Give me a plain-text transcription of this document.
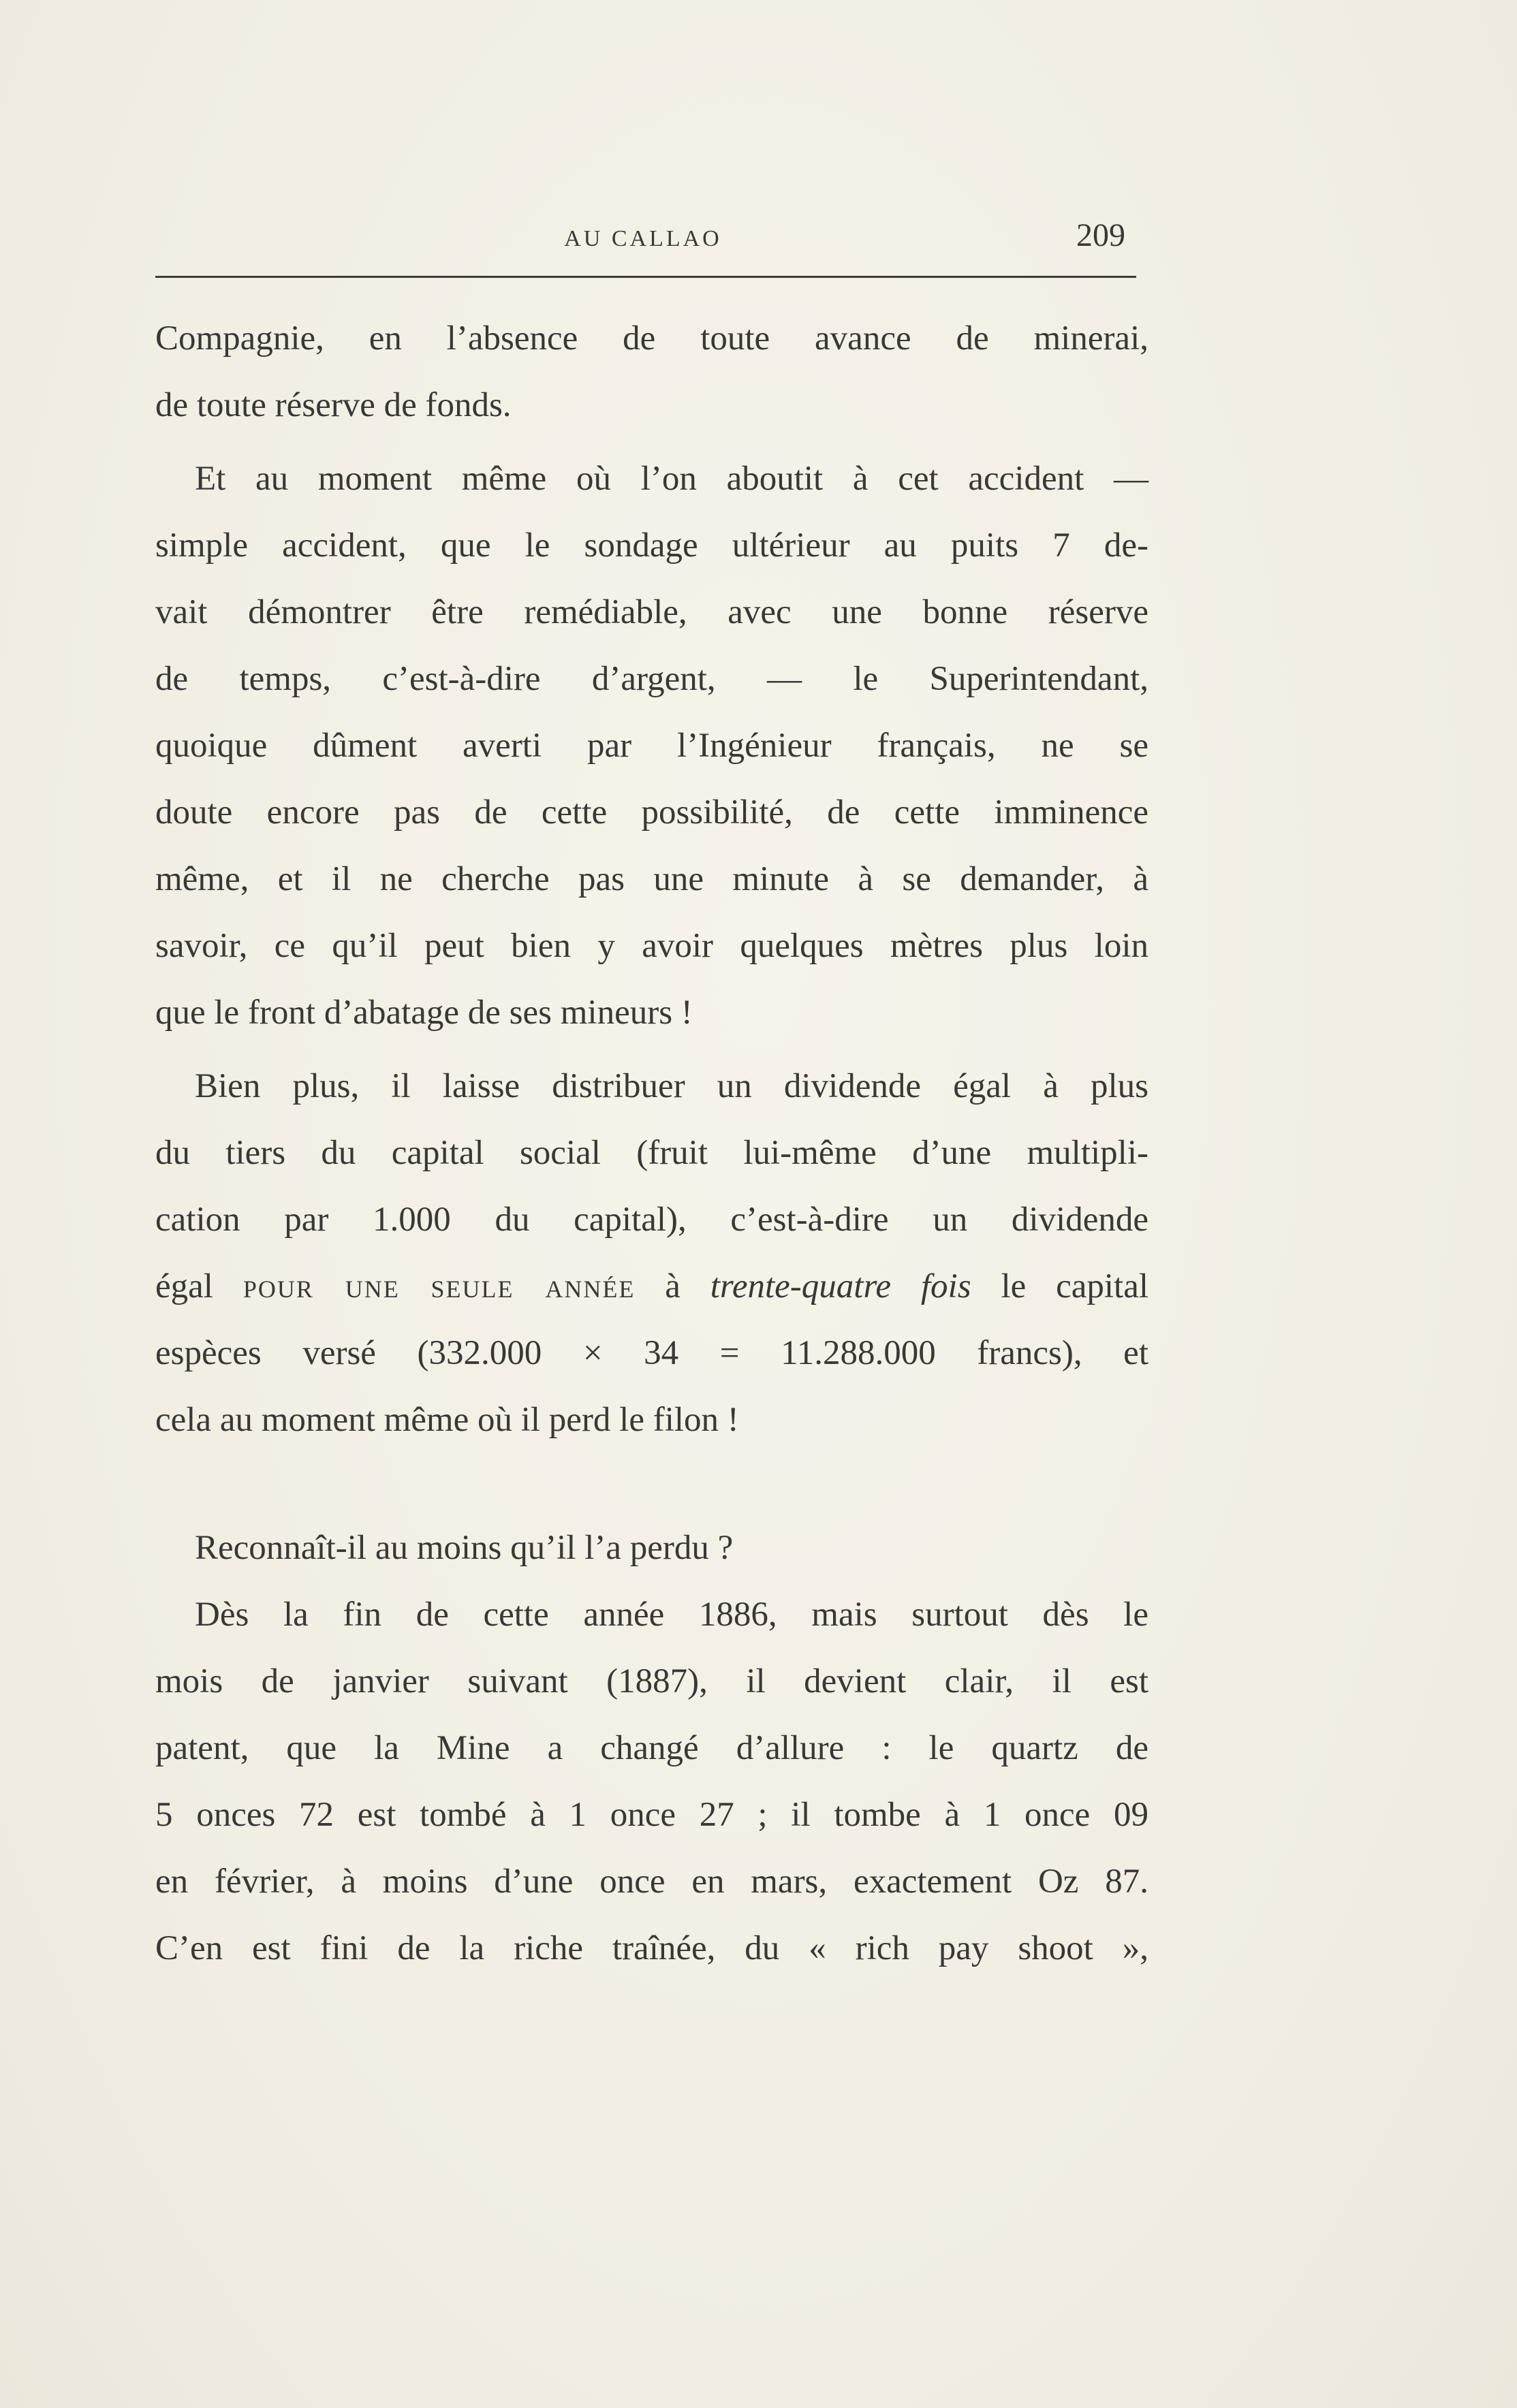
AU CALLAO	209
Compagnie, en l’absence de toute avance de minerai,
de toute réserve de fonds.
Et au moment même où l’on aboutit à cet accident —
simple accident, que le sondage ultérieur au puits 7 de-
vait démontrer être remédiable, avec une bonne réserve
de temps, c’est-à-dire d’argent, — le Superintendant,
quoique dûment averti par l’Ingénieur français, ne se
doute encore pas de cette possibilité, de cette imminence
même, et il ne cherche pas une minute à se demander, à
savoir, ce qu’il peut bien y avoir quelques mètres plus loin
que le front d’abatage de ses mineurs !
Bien plus, il laisse distribuer un dividende égal à plus
du tiers du capital social (fruit lui-même d’une multipli-
cation par 1.000 du capital), c’est-à-dire un dividende
égal pour une seule année à trente-quatre fois le capital
espèces versé (332.000 × 34 = 11.288.000 francs), et
cela au moment même où il perd le filon !
Reconnaît-il au moins qu’il l’a perdu ?
Dès la fin de cette année 1886, mais surtout dès le
mois de janvier suivant (1887), il devient clair, il est
patent, que la Mine a changé d’allure : le quartz de
5 onces 72 est tombé à 1 once 27 ; il tombe à 1 once 09
en février, à moins d’une once en mars, exactement Oz 87.
C’en est fini de la riche traînée, du « rich pay shoot »,
